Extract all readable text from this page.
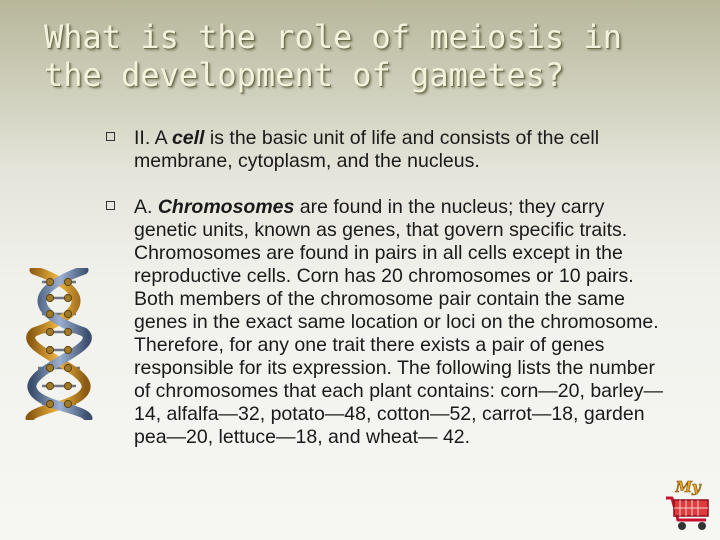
What is the role of meiosis in the development of gametes?
II. A cell is the basic unit of life and consists of the cell membrane, cytoplasm, and the nucleus.
A. Chromosomes are found in the nucleus; they carry genetic units, known as genes, that govern specific traits. Chromosomes are found in pairs in all cells except in the reproductive cells. Corn has 20 chromosomes or 10 pairs. Both members of the chromosome pair contain the same genes in the exact same location or loci on the chromosome. Therefore, for any one trait there exists a pair of genes responsible for its expression. The following lists the number of chromosomes that each plant contains: corn—20, barley—14, alfalfa—32, potato—48, cotton—52, carrot—18, garden pea—20, lettuce—18, and wheat— 42.
My
